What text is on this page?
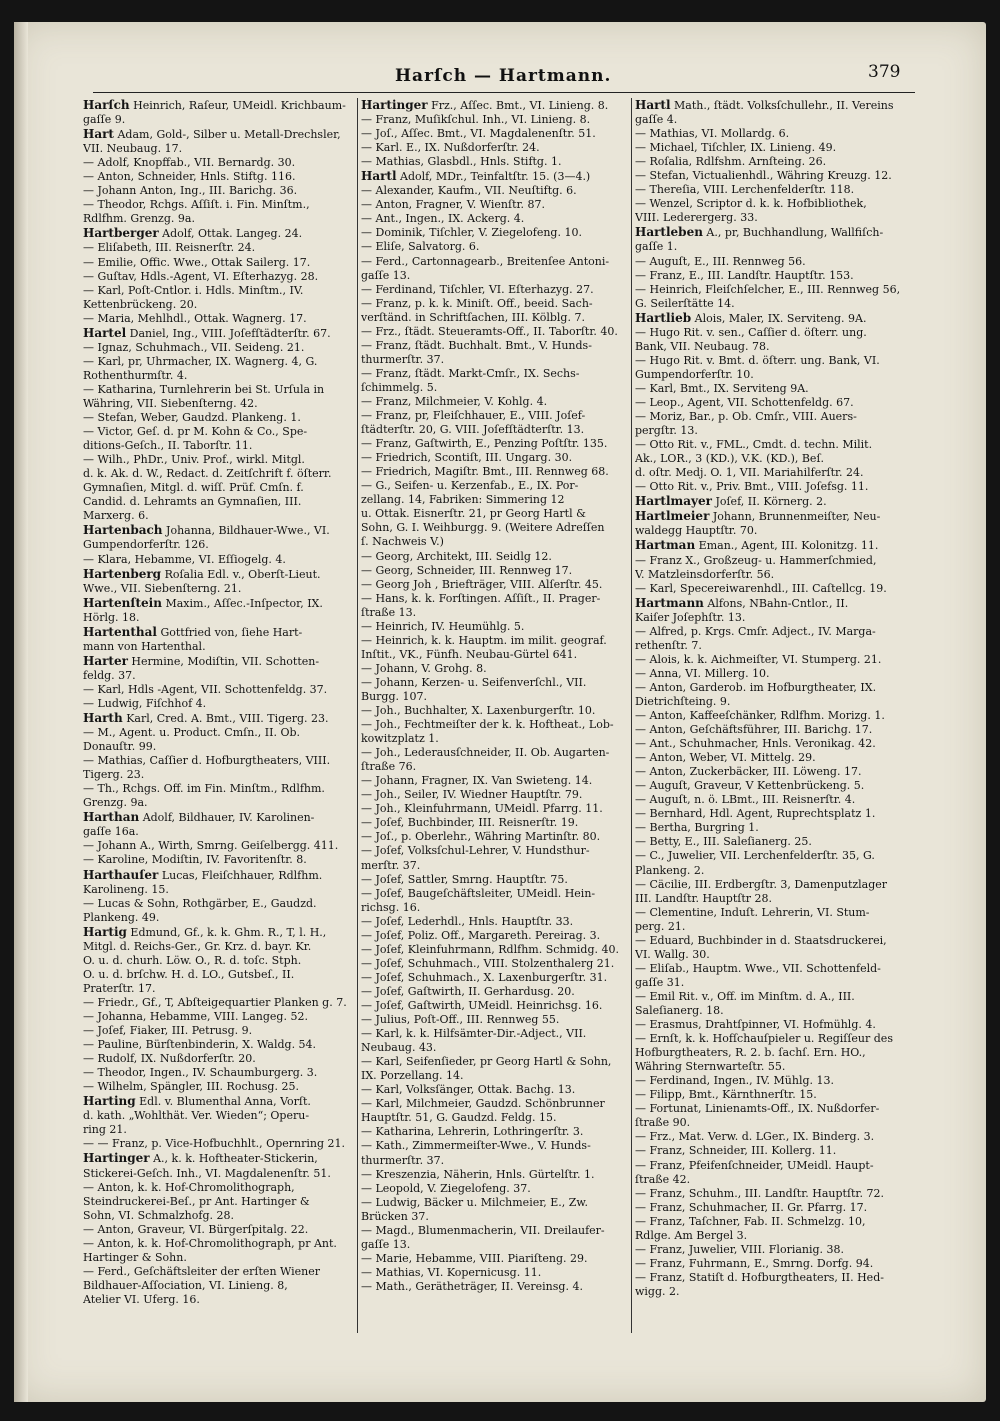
Harſch — Hartmann.	379
Harſch Heinrich, Raſeur, UMeidl. Krichbaum-
gaſſe 9.
Hart Adam, Gold-, Silber u. Metall-Drechsler,
VII. Neubaug. 17.
— Adolf, Knopffab., VII. Bernardg. 30.
— Anton, Schneider, Hnls. Stiftg. 116.
— Johann Anton, Ing., III. Barichg. 36.
— Theodor, Rchgs. Aſſiſt. i. Fin. Minſtm.,
Rdlfhm. Grenzg. 9a.
Hartberger Adolf, Ottak. Langeg. 24.
— Eliſabeth, III. Reisnerſtr. 24.
— Emilie, Offic. Wwe., Ottak Sailerg. 17.
— Guſtav, Hdls.-Agent, VI. Eſterhazyg. 28.
— Karl, Poſt-Cntlor. i. Hdls. Minſtm., IV.
Kettenbrückeng. 20.
— Maria, Mehlhdl., Ottak. Wagnerg. 17.
Hartel Daniel, Ing., VIII. Joſefſtädterſtr. 67.
— Ignaz, Schuhmach., VII. Seideng. 21.
— Karl, pr, Uhrmacher, IX. Wagnerg. 4, G.
Rothenthurmſtr. 4.
— Katharina, Turnlehrerin bei St. Urſula in
Währing, VII. Siebenſterng. 42.
— Stefan, Weber, Gaudzd. Plankeng. 1.
— Victor, Geſ. d. pr M. Kohn & Co., Spe-
ditions-Geſch., II. Taborſtr. 11.
— Wilh., PhDr., Univ. Prof., wirkl. Mitgl.
d. k. Ak. d. W., Redact. d. Zeitſchrift f. öſterr.
Gymnaſien, Mitgl. d. wiſſ. Prüf. Cmſn. f.
Candid. d. Lehramts an Gymnaſien, III.
Marxerg. 6.
Hartenbach Johanna, Bildhauer-Wwe., VI.
Gumpendorferſtr. 126.
— Klara, Hebamme, VI. Eſſiogelg. 4.
Hartenberg Roſalia Edl. v., Oberſt-Lieut.
Wwe., VII. Siebenſterng. 21.
Hartenſtein Maxim., Aſſec.-Inſpector, IX.
Hörlg. 18.
Hartenthal Gottfried von, ſiehe Hart-
mann von Hartenthal.
Harter Hermine, Modiſtin, VII. Schotten-
feldg. 37.
— Karl, Hdls -Agent, VII. Schottenfeldg. 37.
— Ludwig, Fiſchhof 4.
Harth Karl, Cred. A. Bmt., VIII. Tigerg. 23.
— M., Agent. u. Product. Cmſn., II. Ob.
Donauſtr. 99.
— Mathias, Caſſier d. Hofburgtheaters, VIII.
Tigerg. 23.
— Th., Rchgs. Off. im Fin. Minſtm., Rdlfhm.
Grenzg. 9a.
Harthan Adolf, Bildhauer, IV. Karolinen-
gaſſe 16a.
— Johann A., Wirth, Smrng. Geiſelbergg. 411.
— Karoline, Modiſtin, IV. Favoritenſtr. 8.
Harthauſer Lucas, Fleiſchhauer, Rdlfhm.
Karolineng. 15.
— Lucas & Sohn, Rothgärber, E., Gaudzd.
Plankeng. 49.
Hartig Edmund, Gf., k. k. Ghm. R., T, l. H.,
Mitgl. d. Reichs-Ger., Gr. Krz. d. bayr. Kr.
O. u. d. churh. Löw. O., R. d. toſc. Stph.
O. u. d. brſchw. H. d. LO., Gutsbeſ., II.
Praterſtr. 17.
— Friedr., Gf., T, Abſteigequartier Planken g. 7.
— Johanna, Hebamme, VIII. Langeg. 52.
— Joſef, Fiaker, III. Petrusg. 9.
— Pauline, Bürſtenbinderin, X. Waldg. 54.
— Rudolf, IX. Nußdorferſtr. 20.
— Theodor, Ingen., IV. Schaumburgerg. 3.
— Wilhelm, Spängler, III. Rochusg. 25.
Harting Edl. v. Blumenthal Anna, Vorſt.
d. kath. „Wohlthät. Ver. Wieden“; Operu-
ring 21.
— — Franz, p. Vice-Hofbuchhlt., Opernring 21.
Hartinger A., k. k. Hoftheater-Stickerin,
Stickerei-Geſch. Inh., VI. Magdalenenſtr. 51.
— Anton, k. k. Hof-Chromolithograph,
Steindruckerei-Beſ., pr Ant. Hartinger &
Sohn, VI. Schmalzhofg. 28.
— Anton, Graveur, VI. Bürgerſpitalg. 22.
— Anton, k. k. Hof-Chromolithograph, pr Ant.
Hartinger & Sohn.
— Ferd., Geſchäftsleiter der erſten Wiener
Bildhauer-Aſſociation, VI. Linieng. 8,
Atelier VI. Uferg. 16.
Hartinger Frz., Aſſec. Bmt., VI. Linieng. 8.
— Franz, Muſikſchul. Inh., VI. Linieng. 8.
— Joſ., Aſſec. Bmt., VI. Magdalenenſtr. 51.
— Karl. E., IX. Nußdorferſtr. 24.
— Mathias, Glasbdl., Hnls. Stiftg. 1.
Hartl Adolf, MDr., Teinfaltſtr. 15. (3—4.)
— Alexander, Kaufm., VII. Neuſtiftg. 6.
— Anton, Fragner, V. Wienſtr. 87.
— Ant., Ingen., IX. Ackerg. 4.
— Dominik, Tiſchler, V. Ziegelofeng. 10.
— Eliſe, Salvatorg. 6.
— Ferd., Cartonnagearb., Breitenſee Antoni-
gaſſe 13.
— Ferdinand, Tiſchler, VI. Eſterhazyg. 27.
— Franz, p. k. k. Miniſt. Off., beeid. Sach-
verſtänd. in Schriftſachen, III. Kölblg. 7.
— Frz., ſtädt. Steueramts-Off., II. Taborſtr. 40.
— Franz, ſtädt. Buchhalt. Bmt., V. Hunds-
thurmerſtr. 37.
— Franz, ſtädt. Markt-Cmſr., IX. Sechs-
ſchimmelg. 5.
— Franz, Milchmeier, V. Kohlg. 4.
— Franz, pr, Fleiſchhauer, E., VIII. Joſef-
ſtädterſtr. 20, G. VIII. Joſefſtädterſtr. 13.
— Franz, Gaſtwirth, E., Penzing Poſtſtr. 135.
— Friedrich, Scontiſt, III. Ungarg. 30.
— Friedrich, Magiſtr. Bmt., III. Rennweg 68.
— G., Seifen- u. Kerzenfab., E., IX. Por-
zellang. 14, Fabriken: Simmering 12
u. Ottak. Eisnerſtr. 21, pr Georg Hartl &
Sohn, G. I. Weihburgg. 9. (Weitere Adreſſen
ſ. Nachweis V.)
— Georg, Architekt, III. Seidlg 12.
— Georg, Schneider, III. Rennweg 17.
— Georg Joh , Briefträger, VIII. Alſerſtr. 45.
— Hans, k. k. Forſtingen. Aſſiſt., II. Prager-
ſtraße 13.
— Heinrich, IV. Heumühlg. 5.
— Heinrich, k. k. Hauptm. im milit. geograf.
Inſtit., VK., Fünfh. Neubau-Gürtel 641.
— Johann, V. Grohg. 8.
— Johann, Kerzen- u. Seifenverſchl., VII.
Burgg. 107.
— Joh., Buchhalter, X. Laxenburgerſtr. 10.
— Joh., Fechtmeiſter der k. k. Hoftheat., Lob-
kowitzplatz 1.
— Joh., Lederausſchneider, II. Ob. Augarten-
ſtraße 76.
— Johann, Fragner, IX. Van Swieteng. 14.
— Joh., Seiler, IV. Wiedner Hauptſtr. 79.
— Joh., Kleinfuhrmann, UMeidl. Pfarrg. 11.
— Joſef, Buchbinder, III. Reisnerſtr. 19.
— Joſ., p. Oberlehr., Währing Martinſtr. 80.
— Joſef, Volksſchul-Lehrer, V. Hundsthur-
merſtr. 37.
— Joſef, Sattler, Smrng. Hauptſtr. 75.
— Joſef, Baugeſchäftsleiter, UMeidl. Hein-
richsg. 16.
— Joſef, Lederhdl., Hnls. Hauptſtr. 33.
— Joſef, Poliz. Off., Margareth. Pereirag. 3.
— Joſef, Kleinfuhrmann, Rdlfhm. Schmidg. 40.
— Joſef, Schuhmach., VIII. Stolzenthalerg 21.
— Joſef, Schuhmach., X. Laxenburgerſtr. 31.
— Joſef, Gaſtwirth, II. Gerhardusg. 20.
— Joſef, Gaſtwirth, UMeidl. Heinrichsg. 16.
— Julius, Poſt-Off., III. Rennweg 55.
— Karl, k. k. Hilfsämter-Dir.-Adject., VII.
Neubaug. 43.
— Karl, Seifenſieder, pr Georg Hartl & Sohn,
IX. Porzellang. 14.
— Karl, Volksſänger, Ottak. Bachg. 13.
— Karl, Milchmeier, Gaudzd. Schönbrunner
Hauptſtr. 51, G. Gaudzd. Feldg. 15.
— Katharina, Lehrerin, Lothringerſtr. 3.
— Kath., Zimmermeiſter-Wwe., V. Hunds-
thurmerſtr. 37.
— Kreszenzia, Näherin, Hnls. Gürtelſtr. 1.
— Leopold, V. Ziegelofeng. 37.
— Ludwig, Bäcker u. Milchmeier, E., Zw.
Brücken 37.
— Magd., Blumenmacherin, VII. Dreilaufer-
gaſſe 13.
— Marie, Hebamme, VIII. Piariſteng. 29.
— Mathias, VI. Kopernicusg. 11.
— Math., Gerätheträger, II. Vereinsg. 4.
Hartl Math., ſtädt. Volksſchullehr., II. Vereins
gaſſe 4.
— Mathias, VI. Mollardg. 6.
— Michael, Tiſchler, IX. Linieng. 49.
— Roſalia, Rdlfshm. Arnſteing. 26.
— Stefan, Victualienhdl., Währing Kreuzg. 12.
— Thereſia, VIII. Lerchenfelderſtr. 118.
— Wenzel, Scriptor d. k. k. Hofbibliothek,
VIII. Lederergerg. 33.
Hartleben A., pr, Buchhandlung, Wallfiſch-
gaſſe 1.
— Auguſt, E., III. Rennweg 56.
— Franz, E., III. Landſtr. Hauptſtr. 153.
— Heinrich, Fleiſchſelcher, E., III. Rennweg 56,
G. Seilerſtätte 14.
Hartlieb Alois, Maler, IX. Serviteng. 9A.
— Hugo Rit. v. sen., Caſſier d. öſterr. ung.
Bank, VII. Neubaug. 78.
— Hugo Rit. v. Bmt. d. öſterr. ung. Bank, VI.
Gumpendorferſtr. 10.
— Karl, Bmt., IX. Serviteng 9A.
— Leop., Agent, VII. Schottenfeldg. 67.
— Moriz, Bar., p. Ob. Cmſr., VIII. Auers-
pergſtr. 13.
— Otto Rit. v., FML., Cmdt. d. techn. Milit.
Ak., LOR., 3 (KD.), V.K. (KD.), Beſ.
d. oſtr. Medj. O. 1, VII. Mariahilferſtr. 24.
— Otto Rit. v., Priv. Bmt., VIII. Joſefsg. 11.
Hartlmayer Joſef, II. Körnerg. 2.
Hartlmeier Johann, Brunnenmeiſter, Neu-
waldegg Hauptſtr. 70.
Hartman Eman., Agent, III. Kolonitzg. 11.
— Franz X., Großzeug- u. Hammerſchmied,
V. Matzleinsdorferſtr. 56.
— Karl, Specereiwarenhdl., III. Caſtellcg. 19.
Hartmann Alfons, NBahn-Cntlor., II.
Kaiſer Joſephſtr. 13.
— Alfred, p. Krgs. Cmſr. Adject., IV. Marga-
rethenſtr. 7.
— Alois, k. k. Aichmeiſter, VI. Stumperg. 21.
— Anna, VI. Millerg. 10.
— Anton, Garderob. im Hofburgtheater, IX.
Dietrichſteing. 9.
— Anton, Kaffeeſchänker, Rdlfhm. Morizg. 1.
— Anton, Geſchäftsführer, III. Barichg. 17.
— Ant., Schuhmacher, Hnls. Veronikag. 42.
— Anton, Weber, VI. Mittelg. 29.
— Anton, Zuckerbäcker, III. Löweng. 17.
— Auguſt, Graveur, V Kettenbrückeng. 5.
— Auguſt, n. ö. LBmt., III. Reisnerſtr. 4.
— Bernhard, Hdl. Agent, Ruprechtsplatz 1.
— Bertha, Burgring 1.
— Betty, E., III. Saleſianerg. 25.
— C., Juwelier, VII. Lerchenfelderſtr. 35, G.
Plankeng. 2.
— Cäcilie, III. Erdbergſtr. 3, Damenputzlager
III. Landſtr. Hauptſtr 28.
— Clementine, Induſt. Lehrerin, VI. Stum-
perg. 21.
— Eduard, Buchbinder in d. Staatsdruckerei,
VI. Wallg. 30.
— Eliſab., Hauptm. Wwe., VII. Schottenfeld-
gaſſe 31.
— Emil Rit. v., Off. im Minſtm. d. A., III.
Saleſianerg. 18.
— Erasmus, Drahtſpinner, VI. Hofmühlg. 4.
— Ernſt, k. k. Hofſchauſpieler u. Regiſſeur des
Hofburgtheaters, R. 2. b. ſachſ. Ern. HO.,
Währing Sternwarteſtr. 55.
— Ferdinand, Ingen., IV. Mühlg. 13.
— Filipp, Bmt., Kärnthnerſtr. 15.
— Fortunat, Linienamts-Off., IX. Nußdorfer-
ſtraße 90.
— Frz., Mat. Verw. d. LGer., IX. Binderg. 3.
— Franz, Schneider, III. Kollerg. 11.
— Franz, Pfeifenſchneider, UMeidl. Haupt-
ſtraße 42.
— Franz, Schuhm., III. Landſtr. Hauptſtr. 72.
— Franz, Schuhmacher, II. Gr. Pfarrg. 17.
— Franz, Taſchner, Fab. II. Schmelzg. 10,
Rdlge. Am Bergel 3.
— Franz, Juwelier, VIII. Florianig. 38.
— Franz, Fuhrmann, E., Smrng. Dorfg. 94.
— Franz, Statiſt d. Hofburgtheaters, II. Hed-
wigg. 2.
